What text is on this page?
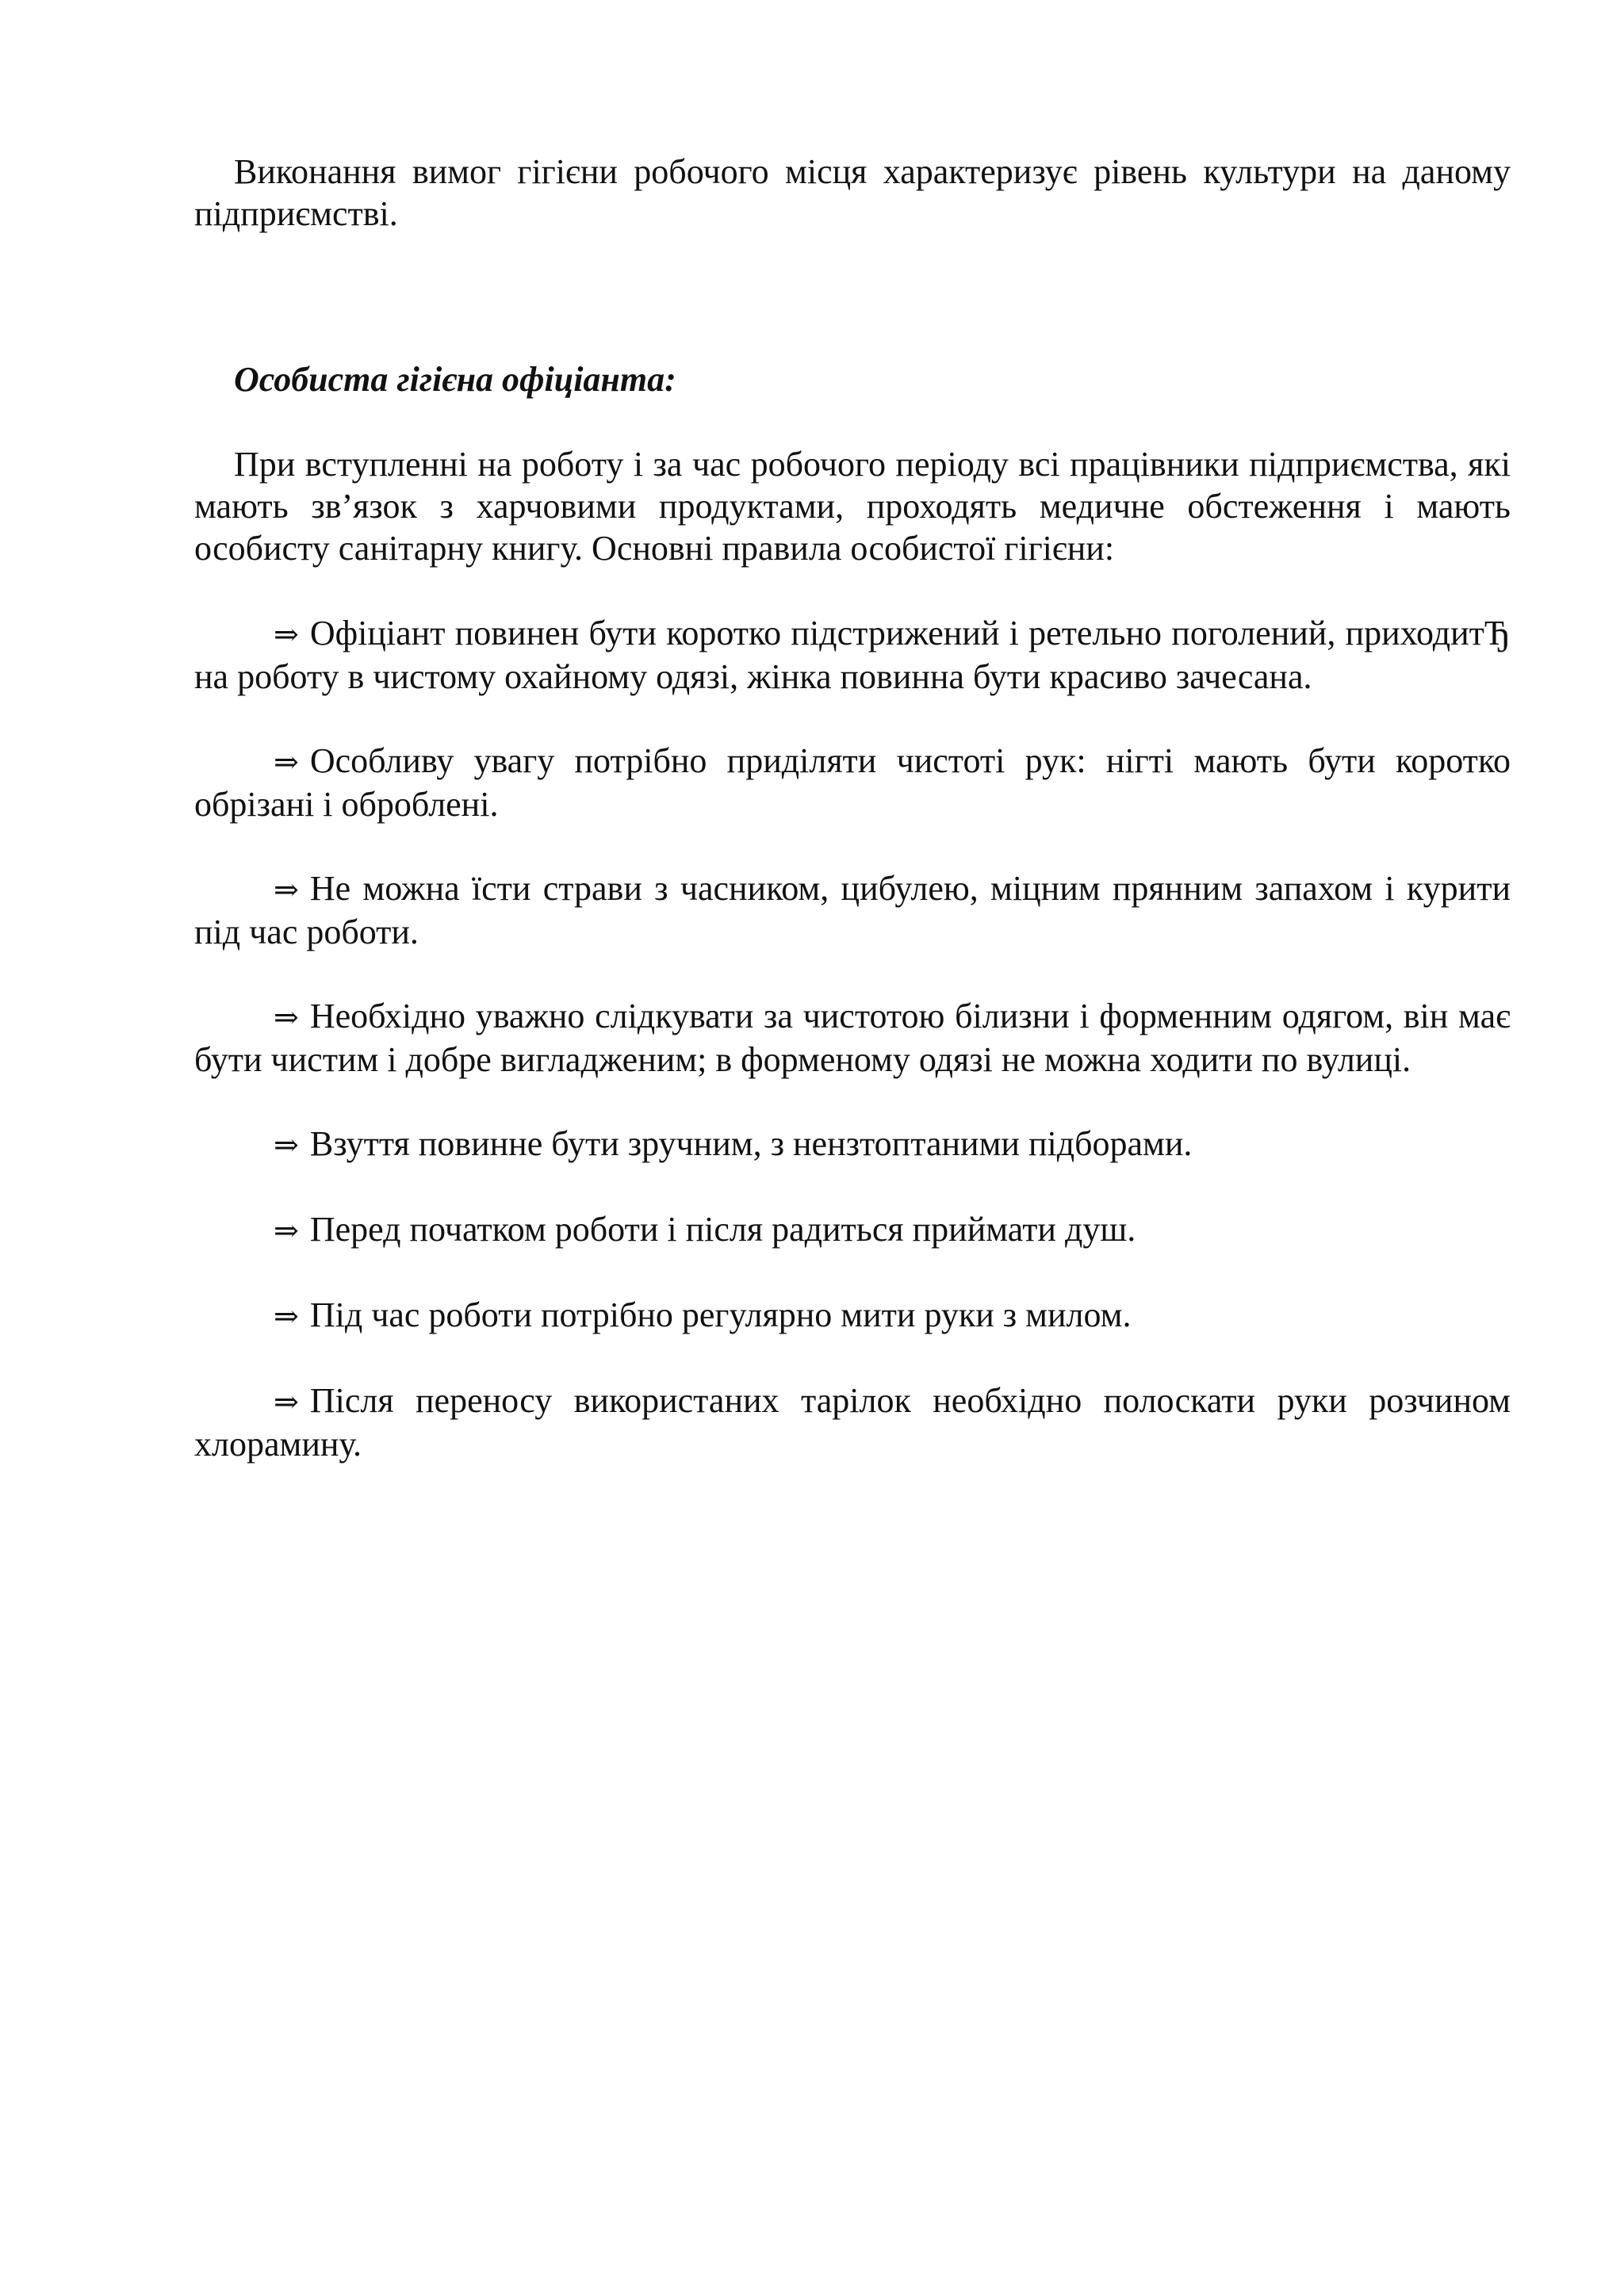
Виконання вимог гігієни робочого місця характеризує рівень культури на даному підприємстві.

Особиста гігієна офіціанта:

При вступленні на роботу і за час робочого періоду всі працівники підприємства, які мають зв’язок з харчовими продуктами, проходять медичне обстеження і мають особисту санітарну книгу. Основні правила особистої гігієни:

⇒ Офіціант повинен бути коротко підстрижений і ретельно поголений, приходитЂ на роботу в чистому охайному одязі, жінка повинна бути красиво зачесана.

⇒ Особливу увагу потрібно приділяти чистоті рук: нігті мають бути коротко обрізані і оброблені.

⇒ Не можна їсти страви з часником, цибулею, міцним прянним запахом і курити під час роботи.

⇒ Необхідно уважно слідкувати за чистотою білизни і форменним одягом, він має бути чистим і добре вигладженим; в форменому одязі не можна ходити по вулиці.

⇒ Взуття повинне бути зручним, з нензтоптаними підборами.

⇒ Перед початком роботи і після радиться приймати душ.

⇒ Під час роботи потрібно регулярно мити руки з милом.

⇒ Після переносу використаних тарілок необхідно полоскати руки розчином хлорамину.
